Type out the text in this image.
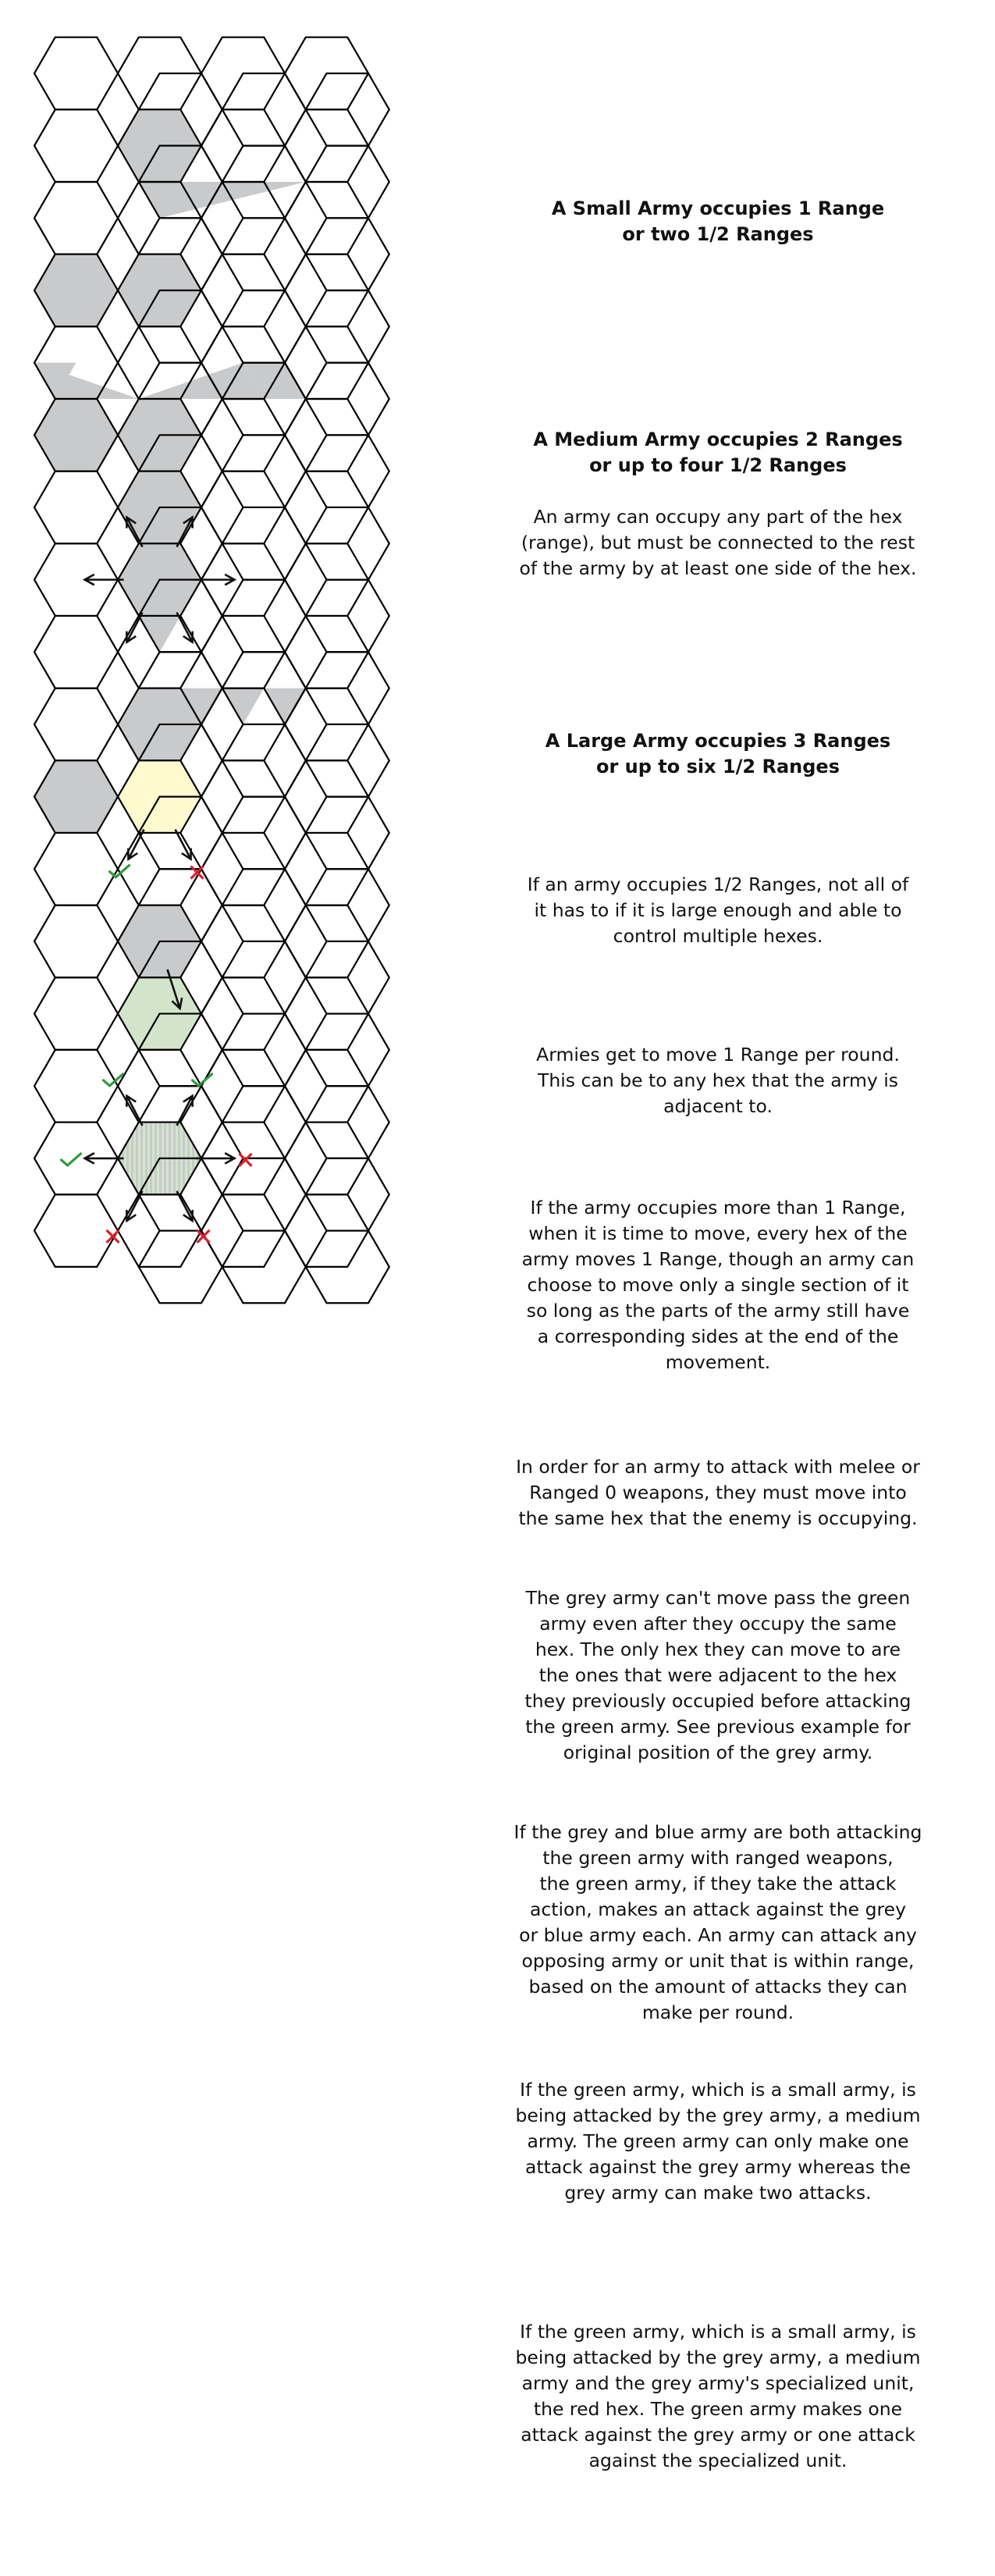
A Small Army occupies 1 Range
or two 1/2 Ranges

A Medium Army occupies 2 Ranges
or up to four 1/2 Ranges

An army can occupy any part of the hex
(range), but must be connected to the rest
of the army by at least one side of the hex.

A Large Army occupies 3 Ranges
or up to six 1/2 Ranges

If an army occupies 1/2 Ranges, not all of
it has to if it is large enough and able to
control multiple hexes.

Armies get to move 1 Range per round.
This can be to any hex that the army is
adjacent to.

If the army occupies more than 1 Range,
when it is time to move, every hex of the
army moves 1 Range, though an army can
choose to move only a single section of it
so long as the parts of the army still have
a corresponding sides at the end of the
movement.

In order for an army to attack with melee or
Ranged 0 weapons, they must move into
the same hex that the enemy is occupying.

The grey army can't move pass the green
army even after they occupy the same
hex. The only hex they can move to are
the ones that were adjacent to the hex
they previously occupied before attacking
the green army. See previous example for
original position of the grey army.

If the grey and blue army are both attacking
the green army with ranged weapons,
the green army, if they take the attack
action, makes an attack against the grey
or blue army each. An army can attack any
opposing army or unit that is within range,
based on the amount of attacks they can
make per round.

If the green army, which is a small army, is
being attacked by the grey army, a medium
army. The green army can only make one
attack against the grey army whereas the
grey army can make two attacks.

If the green army, which is a small army, is
being attacked by the grey army, a medium
army and the grey army's specialized unit,
the red hex. The green army makes one
attack against the grey army or one attack
against the specialized unit.
